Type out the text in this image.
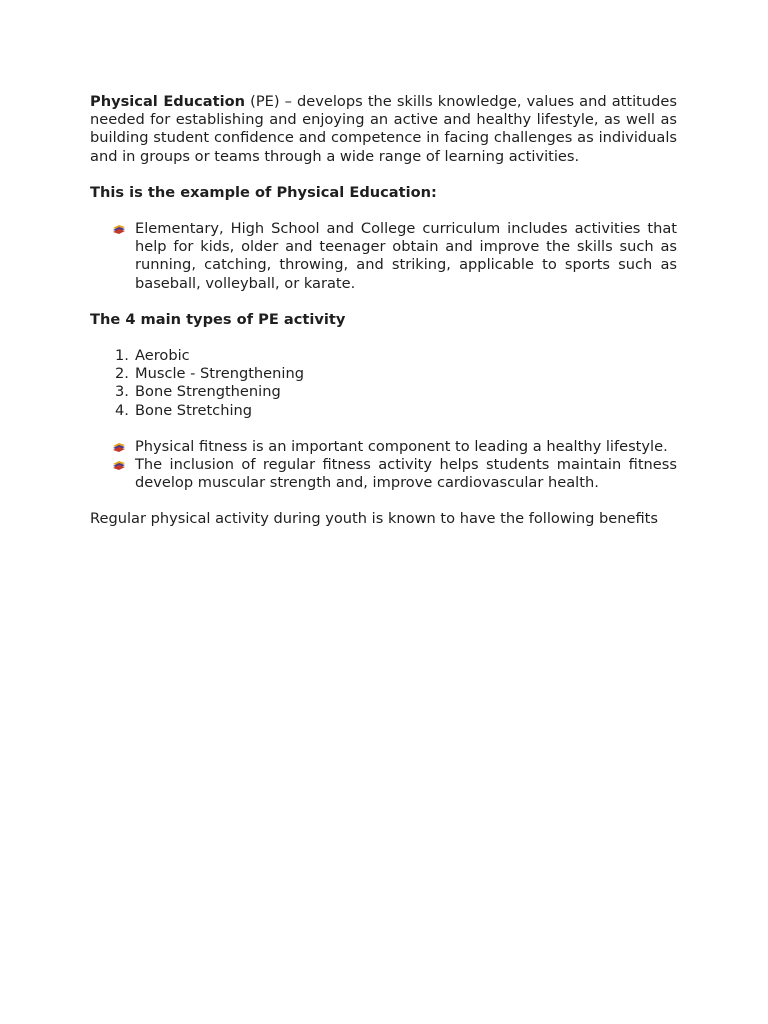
Physical Education (PE) – develops the skills knowledge, values and attitudes needed for establishing and enjoying an active and healthy lifestyle, as well as building student confidence and competence in facing challenges as individuals and in groups or teams through a wide range of learning activities.

This is the example of Physical Education:

Elementary, High School and College curriculum includes activities that help for kids, older and teenager obtain and improve the skills such as running, catching, throwing, and striking, applicable to sports such as baseball, volleyball, or karate.

The 4 main types of PE activity

1. Aerobic
2. Muscle - Strengthening
3. Bone Strengthening
4. Bone Stretching
Physical fitness is an important component to leading a healthy lifestyle.
The inclusion of regular fitness activity helps students maintain fitness develop muscular strength and, improve cardiovascular health.

Regular physical activity during youth is known to have the following benefits
